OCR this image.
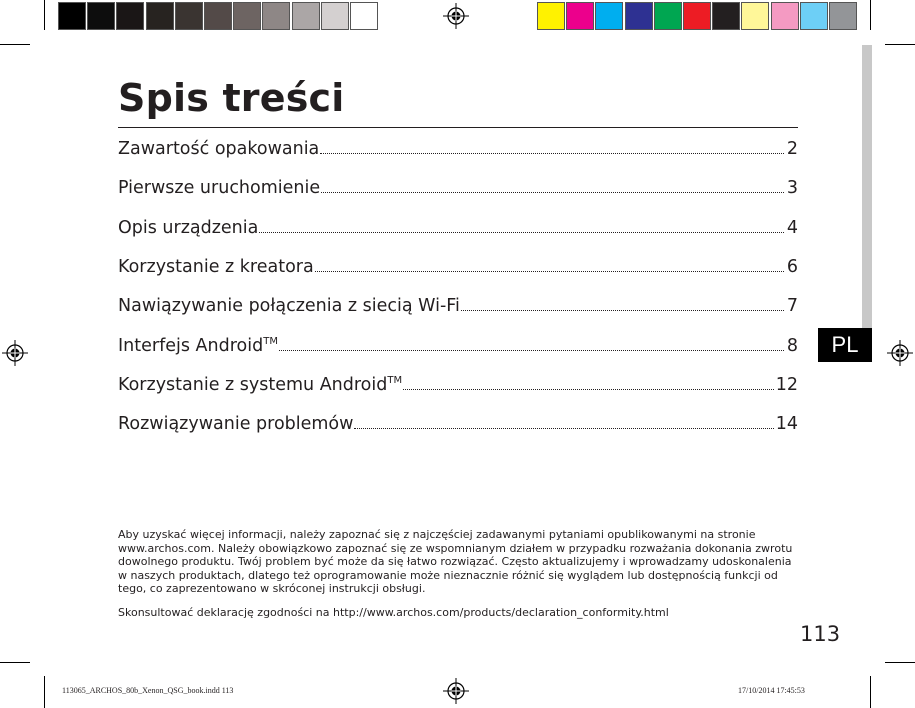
PL
Spis treści
Zawartość opakowania	2
Pierwsze uruchomienie	3
Opis urządzenia	4
Korzystanie z kreatora	6
Nawiązywanie połączenia z siecią Wi-Fi	7
Interfejs Android™	8
Korzystanie z systemu Android™	12
Rozwiązywanie problemów	14
Aby uzyskać więcej informacji, należy zapoznać się z najczęściej zadawanymi pytaniami opublikowanymi na stronie www.archos.com. Należy obowiązkowo zapoznać się ze wspomnianym działem w przypadku rozważania dokonania zwrotu dowolnego produktu. Twój problem być może da się łatwo rozwiązać. Często aktualizujemy i wprowadzamy udoskonalenia w naszych produktach, dlatego też oprogramowanie może nieznacznie różnić się wyglądem lub dostępnością funkcji od tego, co zaprezentowano w skróconej instrukcji obsługi.
Skonsultować deklarację zgodności na http://www.archos.com/products/declaration_conformity.html
113
113065_ARCHOS_80b_Xenon_QSG_book.indd 113	17/10/2014 17:45:53
